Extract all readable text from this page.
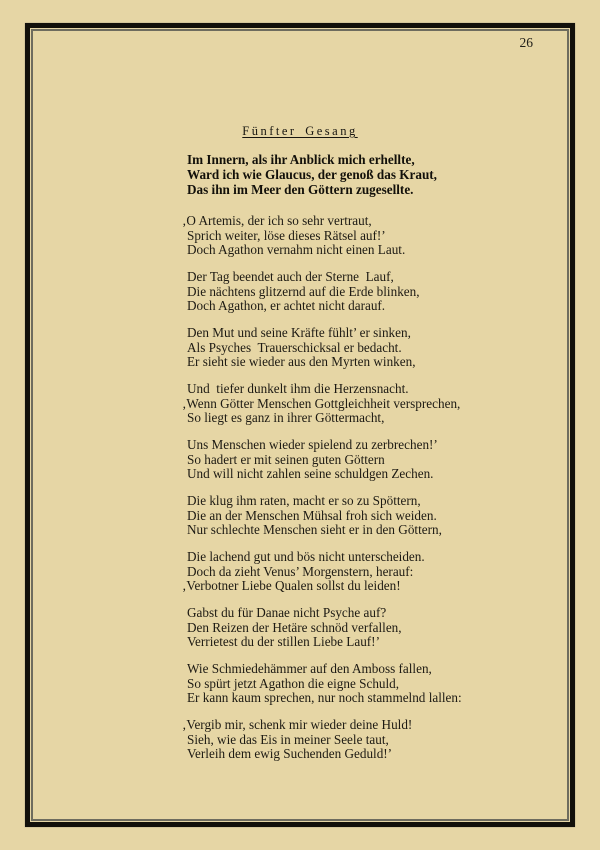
26
Fünfter Gesang
Im Innern, als ihr Anblick mich erhellte,
Ward ich wie Glaucus, der genoß das Kraut,
Das ihn im Meer den Göttern zugesellte.
‚O Artemis, der ich so sehr vertraut,
Sprich weiter, löse dieses Rätsel auf!’
Doch Agathon vernahm nicht einen Laut.
Der Tag beendet auch der Sterne  Lauf,
Die nächtens glitzernd auf die Erde blinken,
Doch Agathon, er achtet nicht darauf.
Den Mut und seine Kräfte fühlt’ er sinken,
Als Psyches  Trauerschicksal er bedacht.
Er sieht sie wieder aus den Myrten winken,
Und  tiefer dunkelt ihm die Herzensnacht.
‚Wenn Götter Menschen Gottgleichheit versprechen,
So liegt es ganz in ihrer Göttermacht,
Uns Menschen wieder spielend zu zerbrechen!’
So hadert er mit seinen guten Göttern
Und will nicht zahlen seine schuldgen Zechen.
Die klug ihm raten, macht er so zu Spöttern,
Die an der Menschen Mühsal froh sich weiden.
Nur schlechte Menschen sieht er in den Göttern,
Die lachend gut und bös nicht unterscheiden.
Doch da zieht Venus’ Morgenstern, herauf:
‚Verbotner Liebe Qualen sollst du leiden!
Gabst du für Danae nicht Psyche auf?
Den Reizen der Hetäre schnöd verfallen,
Verrietest du der stillen Liebe Lauf!’
Wie Schmiedehämmer auf den Amboss fallen,
So spürt jetzt Agathon die eigne Schuld,
Er kann kaum sprechen, nur noch stammelnd lallen:
‚Vergib mir, schenk mir wieder deine Huld!
Sieh, wie das Eis in meiner Seele taut,
Verleih dem ewig Suchenden Geduld!’
